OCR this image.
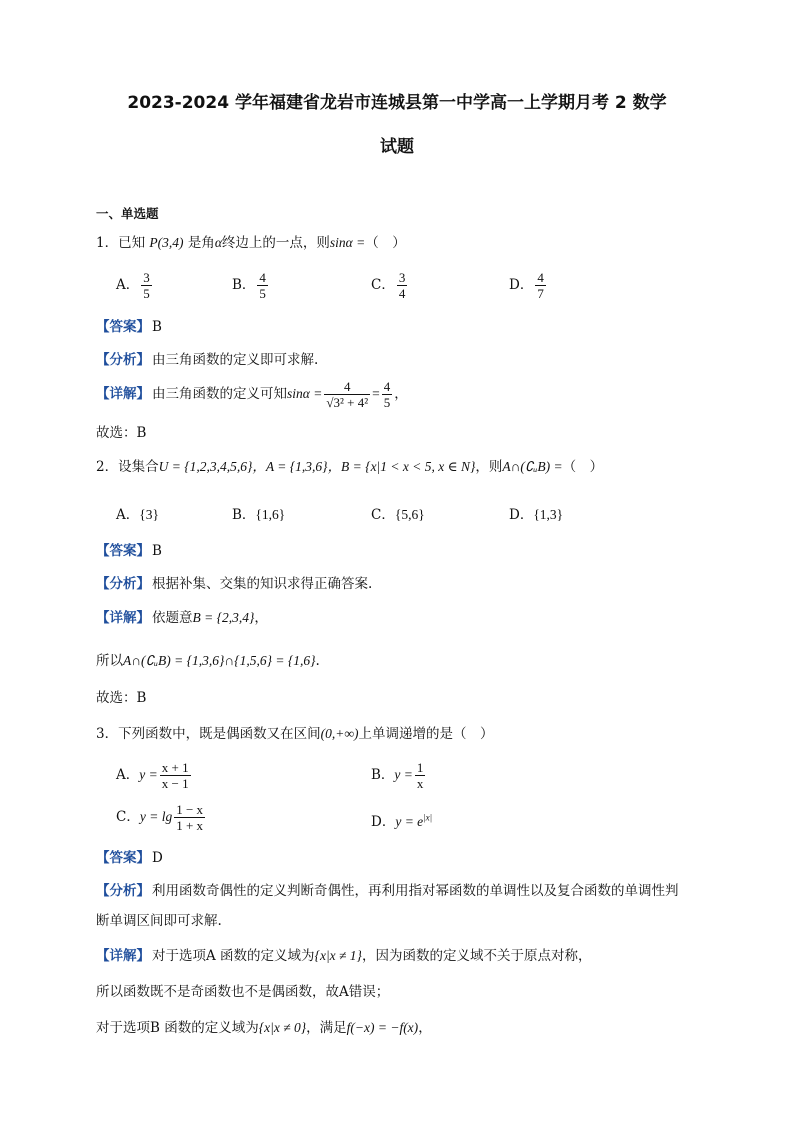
2023-2024 学年福建省龙岩市连城县第一中学高一上学期月考 2 数学
试题
一、单选题
1．已知 P(3,4) 是角α终边上的一点，则sinα =（　）
A． $\frac{3}{5}$	B． $\frac{4}{5}$	C． $\frac{3}{4}$	D． $\frac{4}{7}$
【答案】 B
【分析】 由三角函数的定义即可求解.
【详解】 由三角函数的定义可知$\sin\alpha = \frac{4}{\text{√3² + 4²}} = \frac{4}{5}$ ，
故选：B
2．设集合U = {1,2,3,4,5,6}，A = {1,3,6}，B = {x|1 < x < 5, x ∈ N}，则A∩(∁ᵤB) =（　）
A．{3}	B．{1,6}	C．{5,6}	D．{1,3}
【答案】 B
【分析】 根据补集、交集的知识求得正确答案.
【详解】 依题意B = {2,3,4}，
所以A∩(∁ᵤB) = {1,3,6}∩{1,5,6} = {1,6}.
故选：B
3．下列函数中，既是偶函数又在区间(0,+∞)上单调递增的是（　）
A．$y = \frac{x + 1}{x - 1}$	B．$y = \frac{1}{x}$
C．$y = \lg \frac{1 - x}{1 + x}$	D．$y = e^{|x|}$
【答案】 D
【分析】 利用函数奇偶性的定义判断奇偶性，再利用指对幂函数的单调性以及复合函数的单调性判
断单调区间即可求解.
【详解】 对于选项A 函数的定义域为{x|x ≠ 1}，因为函数的定义域不关于原点对称，
所以函数既不是奇函数也不是偶函数，故A错误；
对于选项B 函数的定义域为{x|x ≠ 0}，满足f(−x) = −f(x)，
